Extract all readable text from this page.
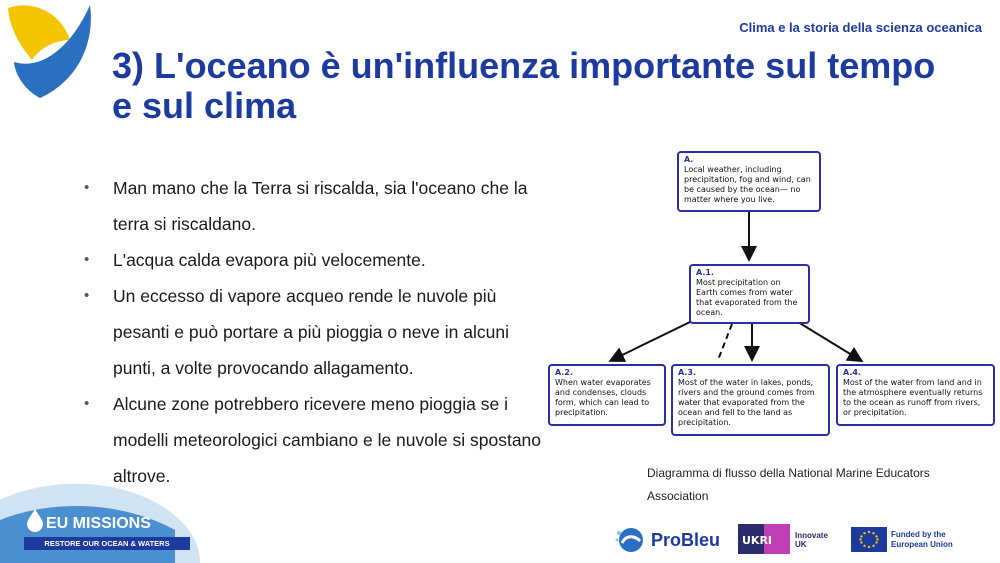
Clima e la storia della scienza oceanica
3) L'oceano è un'influenza importante sul tempo e sul clima
• Man mano che la Terra si riscalda, sia l'oceano che la terra si riscaldano.
• L'acqua calda evapora più velocemente.
• Un eccesso di vapore acqueo rende le nuvole più pesanti e può portare a più pioggia o neve in alcuni punti, a volte provocando allagamento.
• Alcune zone potrebbero ricevere meno pioggia se i modelli meteorologici cambiano e le nuvole si spostano altrove.
A.
Local weather, including precipitation, fog and wind, can be caused by the ocean— no matter where you live.
A.1.
Most precipitation on Earth comes from water that evaporated from the ocean.
A.2.
When water evaporates and condenses, clouds form, which can lead to precipitation.
A.3.
Most of the water in lakes, ponds, rivers and the ground comes from water that evaporated from the ocean and fell to the land as precipitation.
A.4.
Most of the water from land and in the atmosphere eventually returns to the ocean as runoff from rivers, or precipitation.
Diagramma di flusso della National Marine Educators Association
EU MISSIONS
RESTORE OUR OCEAN & WATERS	ProBleu UKRI	Innovate UK
Funded by the European Union
